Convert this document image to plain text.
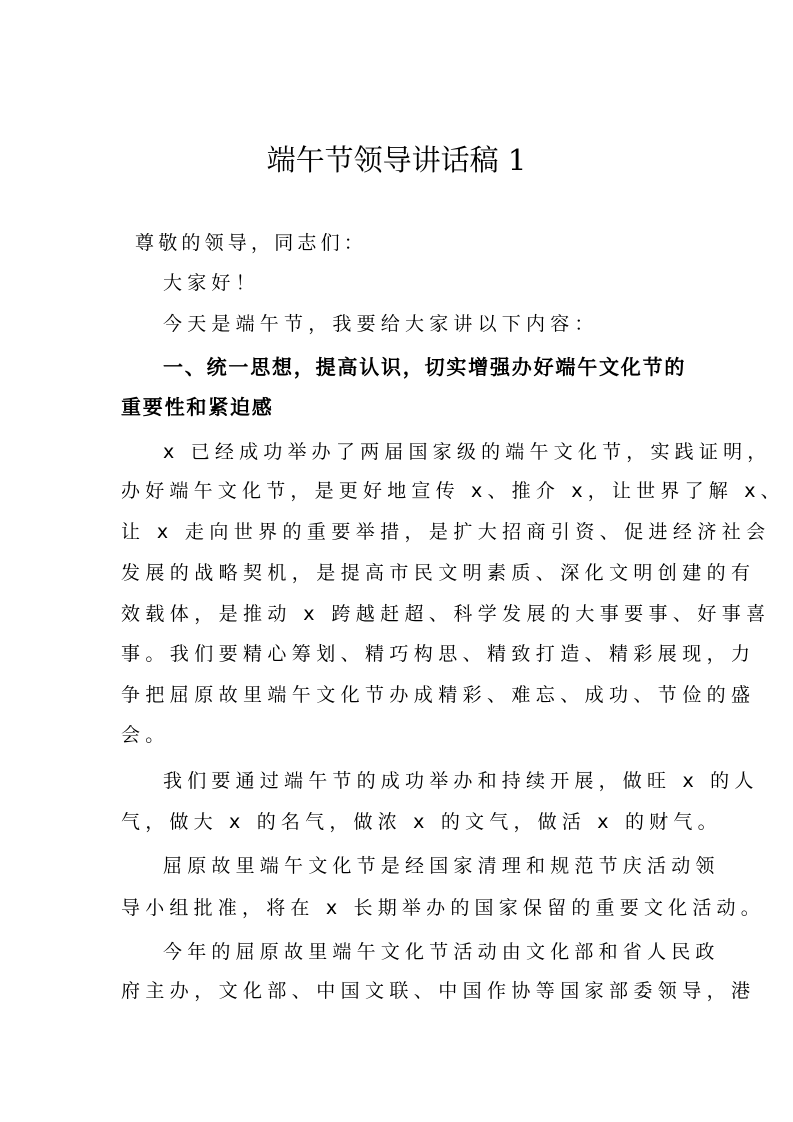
端午节领导讲话稿 1
尊敬的领导，同志们：
大家好！
今天是端午节，我要给大家讲以下内容：
一、统一思想，提高认识，切实增强办好端午文化节的
重要性和紧迫感
x 已经成功举办了两届国家级的端午文化节，实践证明，
办好端午文化节，是更好地宣传 x、推介 x，让世界了解 x、
让 x 走向世界的重要举措，是扩大招商引资、促进经济社会
发展的战略契机，是提高市民文明素质、深化文明创建的有
效载体，是推动 x 跨越赶超、科学发展的大事要事、好事喜
事。我们要精心筹划、精巧构思、精致打造、精彩展现，力
争把屈原故里端午文化节办成精彩、难忘、成功、节俭的盛
会。
我们要通过端午节的成功举办和持续开展，做旺 x 的人
气，做大 x 的名气，做浓 x 的文气，做活 x 的财气。
屈原故里端午文化节是经国家清理和规范节庆活动领
导小组批准，将在 x 长期举办的国家保留的重要文化活动。
今年的屈原故里端午文化节活动由文化部和省人民政
府主办，文化部、中国文联、中国作协等国家部委领导，港
